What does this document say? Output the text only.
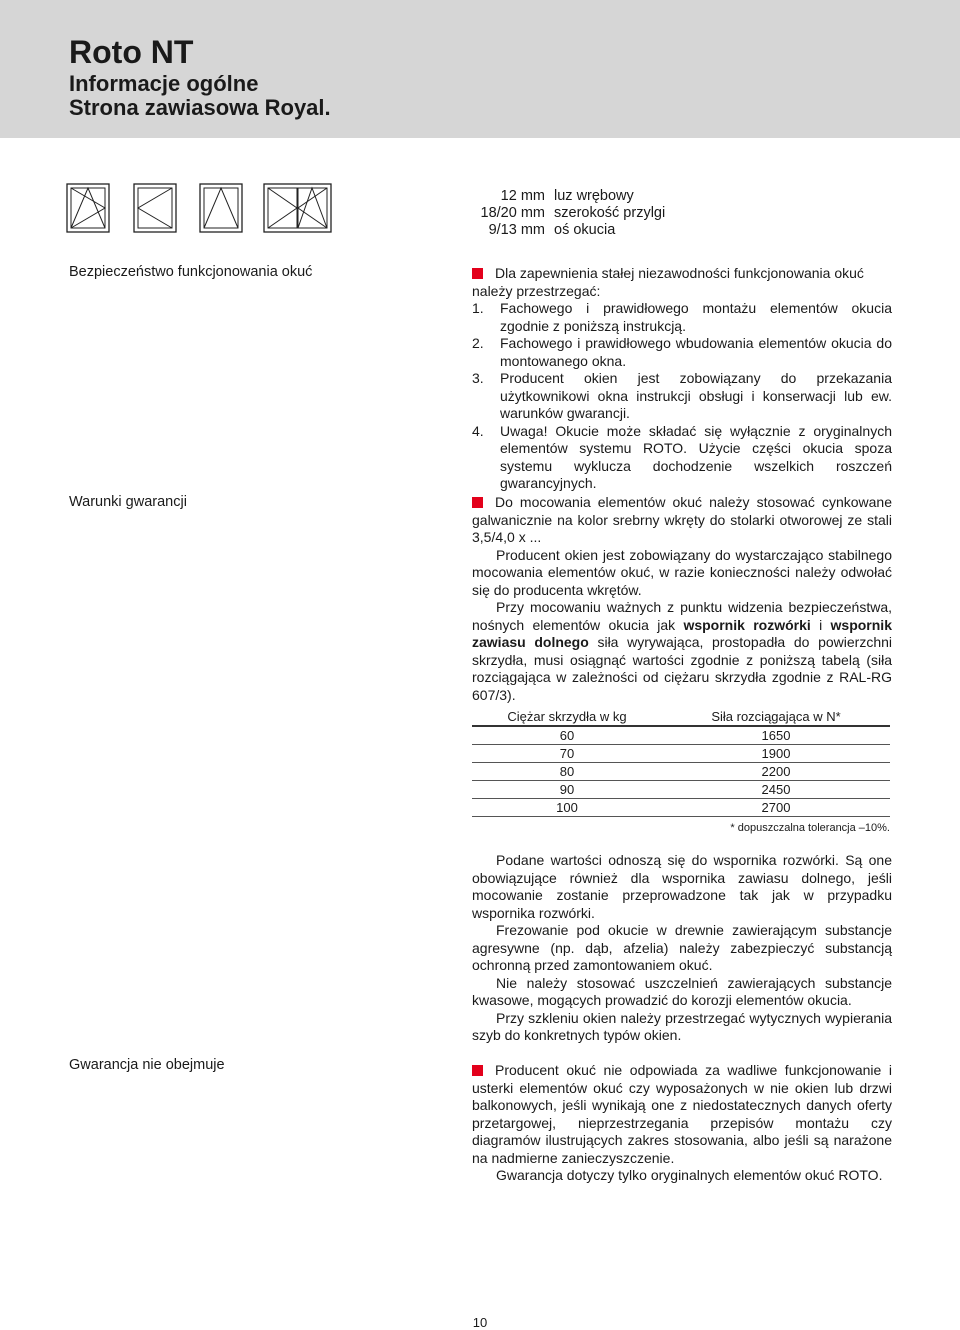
Roto NT
Informacje ogólne
Strona zawiasowa Royal.
12 mm luz wrębowy
18/20 mm szerokość przylgi
9/13 mm oś okucia

Bezpieczeństwo funkcjonowania okuć

Warunki gwarancji

Gwarancja nie obejmuje

Dla zapewnienia stałej niezawodności funkcjonowania okuć należy przestrzegać:

1.	Fachowego i prawidłowego montażu elementów okucia zgodnie z poniższą instrukcją.
2.	Fachowego i prawidłowego wbudowania elementów okucia do montowanego okna.
3.	Producent okien jest zobowiązany do przekazania użytkownikowi okna instrukcji obsługi i konserwacji lub ew. warunków gwarancji.
4.	Uwaga! Okucie może składać się wyłącznie z oryginalnych elementów systemu ROTO. Użycie części okucia spoza systemu wyklucza dochodzenie wszelkich roszczeń gwarancyjnych.

Do mocowania elementów okuć należy stosować cynkowane galwanicznie na kolor srebrny wkręty do stolarki otworowej ze stali 3,5/4,0 x ...

Producent okien jest zobowiązany do wystarczająco stabilnego mocowania elementów okuć, w razie konieczności należy odwołać się do producenta wkrętów.

Przy mocowaniu ważnych z punktu widzenia bezpieczeństwa, nośnych elementów okucia jak wspornik rozwórki i wspornik zawiasu dolnego siła wyrywająca, prostopadła do powierzchni skrzydła, musi osiągnąć wartości zgodnie z poniższą tabelą (siła rozciągająca w zależności od ciężaru skrzydła zgodnie z RAL-RG 607/3).

Ciężar skrzydła w kg	Siła rozciągająca w N*
60	1650
70	1900
80	2200
90	2450
100	2700
* dopuszczalna tolerancja –10%.

Podane wartości odnoszą się do wspornika rozwórki. Są one obowiązujące również dla wspornika zawiasu dolnego, jeśli mocowanie zostanie przeprowadzone tak jak w przypadku wspornika rozwórki.

Frezowanie pod okucie w drewnie zawierającym substancje agresywne (np. dąb, afzelia) należy zabezpieczyć substancją ochronną przed zamontowaniem okuć.

Nie należy stosować uszczelnień zawierających substancje kwasowe, mogących prowadzić do korozji elementów okucia.

Przy szkleniu okien należy przestrzegać wytycznych wypierania szyb do konkretnych typów okien.

Producent okuć nie odpowiada za wadliwe funkcjonowanie i usterki elementów okuć czy wyposażonych w nie okien lub drzwi balkonowych, jeśli wynikają one z niedostatecznych danych oferty przetargowej, nieprzestrzegania przepisów montażu czy diagramów ilustrujących zakres stosowania, albo jeśli są narażone na nadmierne zanieczyszczenie.

Gwarancja dotyczy tylko oryginalnych elementów okuć ROTO.

10
